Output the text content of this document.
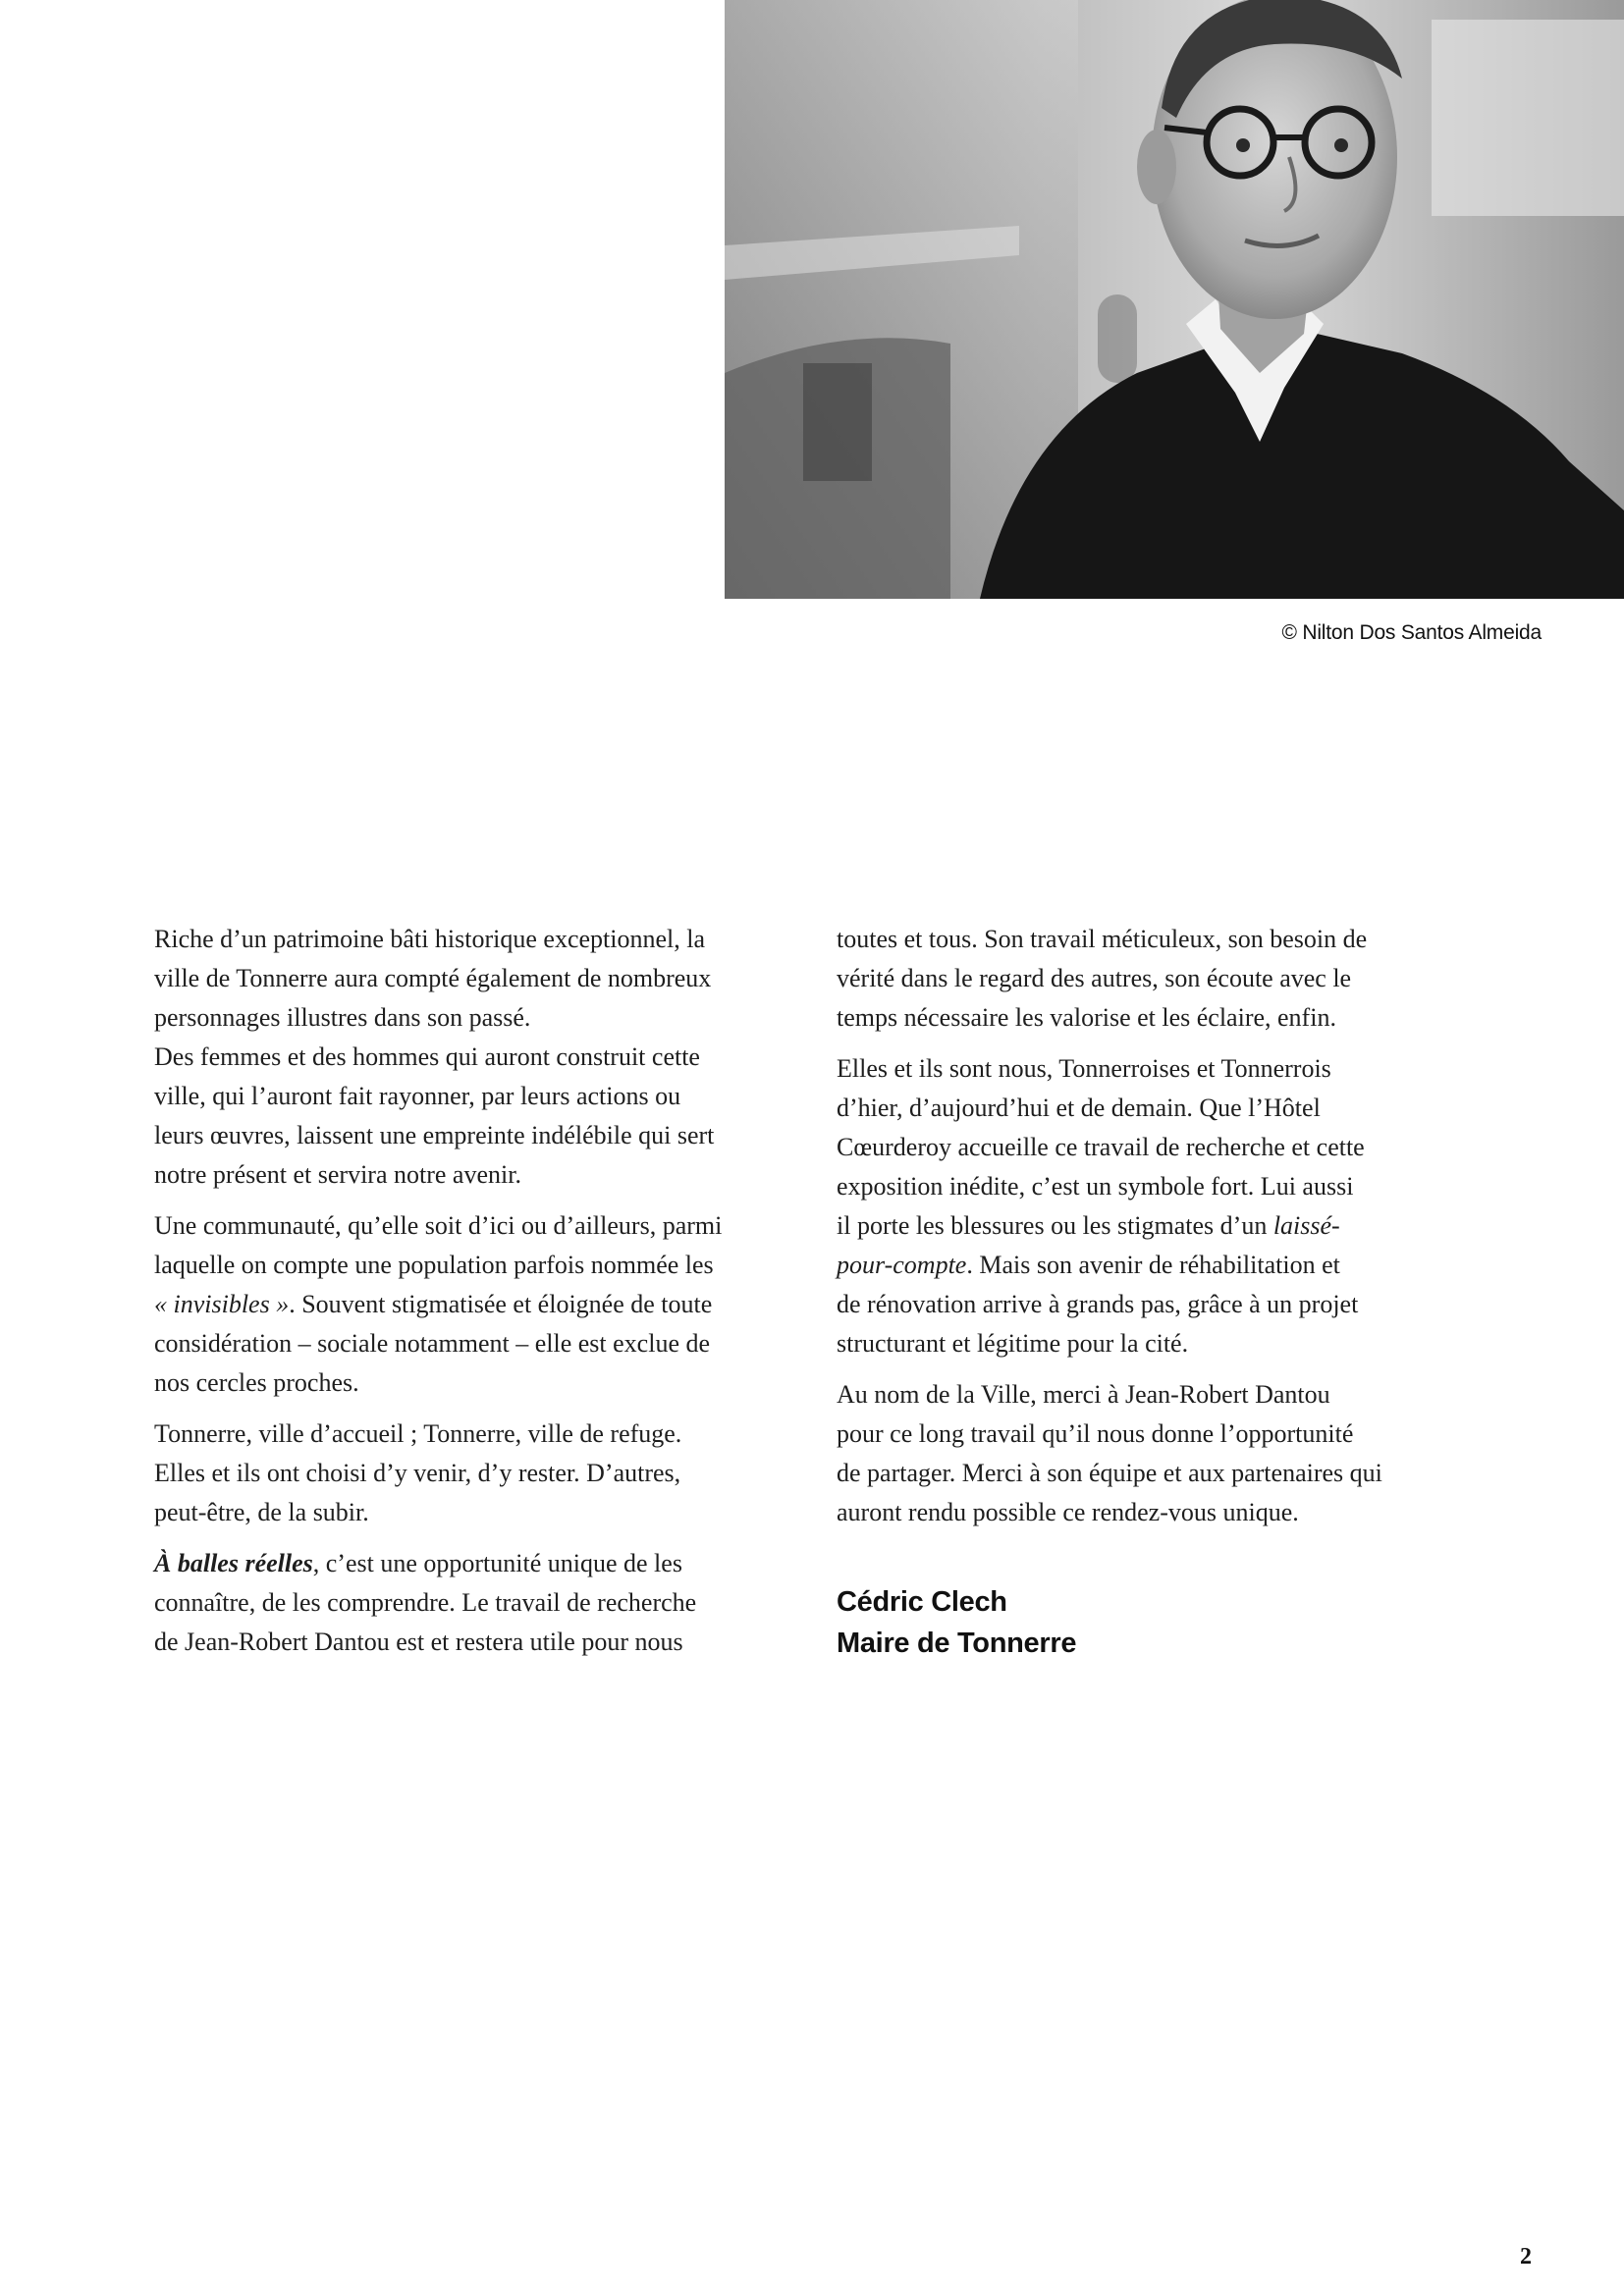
© Nilton Dos Santos Almeida

Riche d’un patrimoine bâti historique exceptionnel, la
ville de Tonnerre aura compté également de nombreux
personnages illustres dans son passé.
Des femmes et des hommes qui auront construit cette
ville, qui l’auront fait rayonner, par leurs actions ou
leurs œuvres, laissent une empreinte indélébile qui sert
notre présent et servira notre avenir.

Une communauté, qu’elle soit d’ici ou d’ailleurs, parmi
laquelle on compte une population parfois nommée les
« invisibles ». Souvent stigmatisée et éloignée de toute
considération – sociale notamment – elle est exclue de
nos cercles proches.

Tonnerre, ville d’accueil ; Tonnerre, ville de refuge.
Elles et ils ont choisi d’y venir, d’y rester. D’autres,
peut-être, de la subir.

À balles réelles, c’est une opportunité unique de les
connaître, de les comprendre. Le travail de recherche
de Jean-Robert Dantou est et restera utile pour nous

toutes et tous. Son travail méticuleux, son besoin de
vérité dans le regard des autres, son écoute avec le
temps nécessaire les valorise et les éclaire, enfin.

Elles et ils sont nous, Tonnerroises et Tonnerrois
d’hier, d’aujourd’hui et de demain. Que l’Hôtel
Cœurderoy accueille ce travail de recherche et cette
exposition inédite, c’est un symbole fort. Lui aussi
il porte les blessures ou les stigmates d’un laissé-
pour-compte. Mais son avenir de réhabilitation et
de rénovation arrive à grands pas, grâce à un projet
structurant et légitime pour la cité.

Au nom de la Ville, merci à Jean-Robert Dantou
pour ce long travail qu’il nous donne l’opportunité
de partager. Merci à son équipe et aux partenaires qui
auront rendu possible ce rendez-vous unique.

Cédric Clech
Maire de Tonnerre
2
